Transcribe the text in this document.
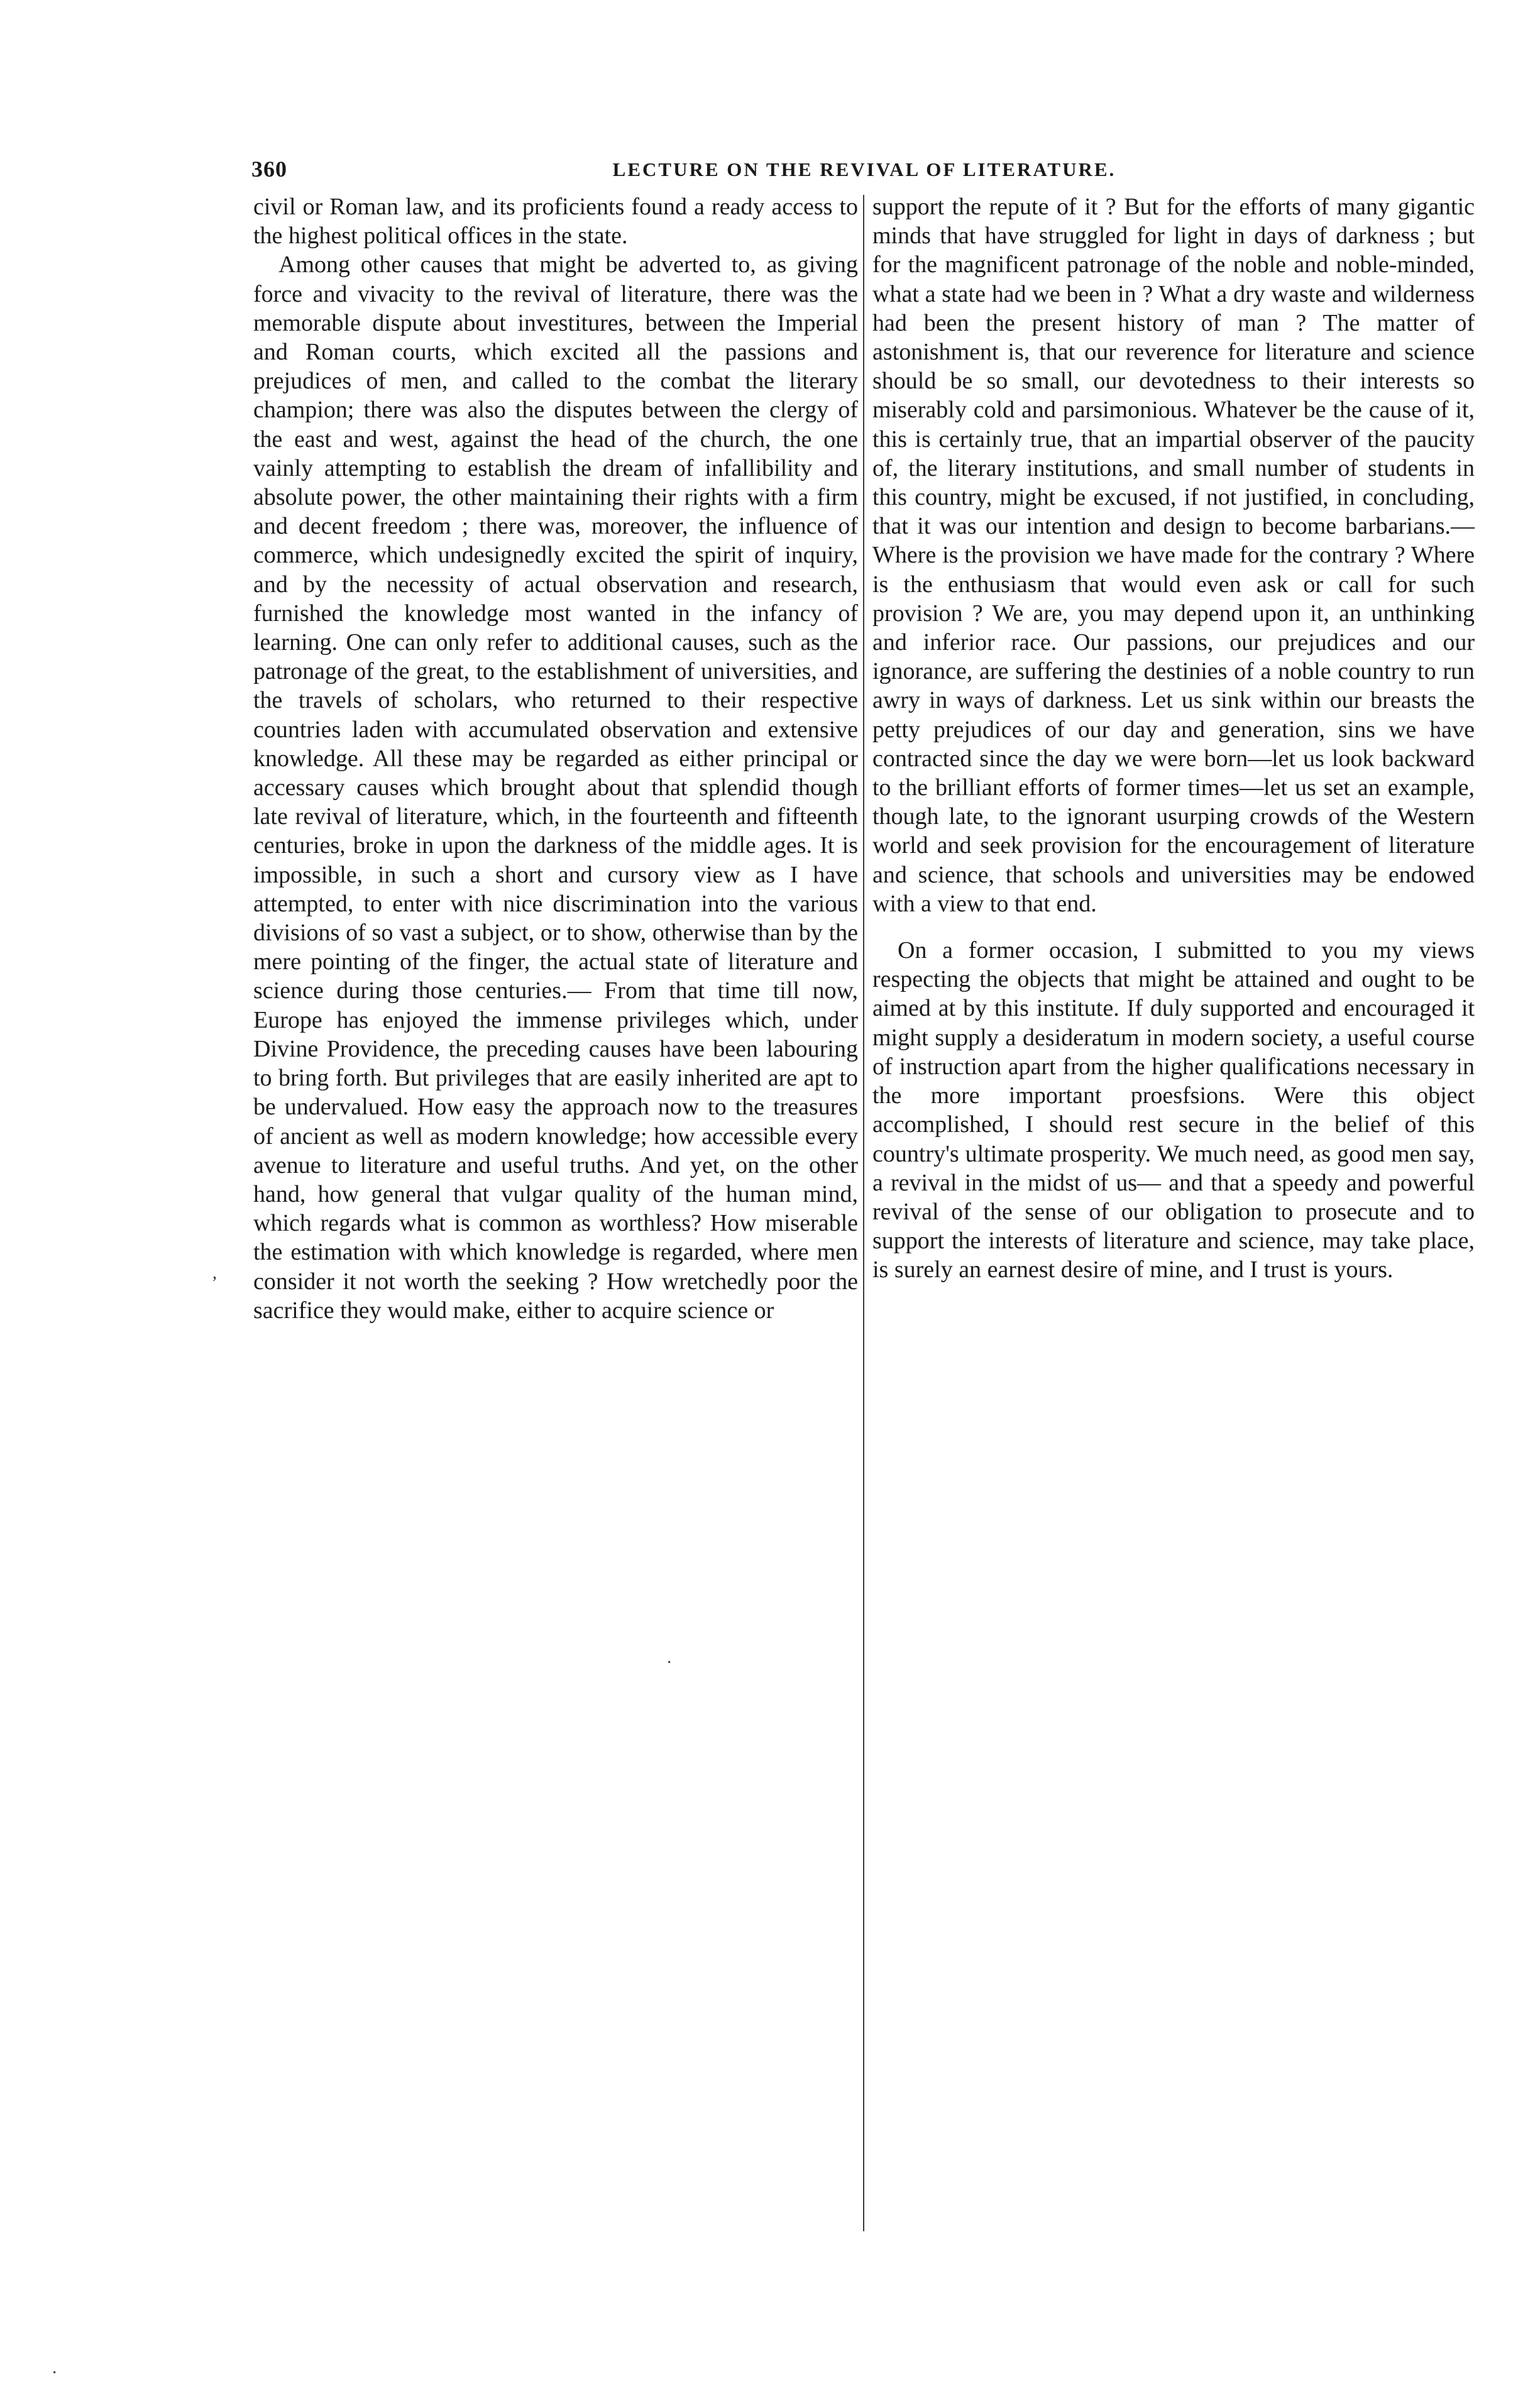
360	LECTURE ON THE REVIVAL OF LITERATURE.

civil or Roman law, and its proficients found a ready access to the highest political offices in the state.

Among other causes that might be adverted to, as giving force and vivacity to the revival of literature, there was the memorable dispute about investitures, between the Imperial and Roman courts, which excited all the passions and prejudices of men, and called to the combat the literary champion; there was also the disputes between the clergy of the east and west, against the head of the church, the one vainly attempting to establish the dream of infallibility and absolute power, the other maintaining their rights with a firm and decent freedom ; there was, moreover, the influence of commerce, which undesignedly excited the spirit of inquiry, and by the necessity of actual observation and research, furnished the knowledge most wanted in the infancy of learning. One can only refer to additional causes, such as the patronage of the great, to the establishment of universities, and the travels of scholars, who returned to their respective countries laden with accumulated observation and extensive knowledge. All these may be regarded as either principal or accessary causes which brought about that splendid though late revival of literature, which, in the fourteenth and fifteenth centuries, broke in upon the darkness of the middle ages. It is impossible, in such a short and cursory view as I have attempted, to enter with nice discrimination into the various divisions of so vast a subject, or to show, otherwise than by the mere pointing of the finger, the actual state of literature and science during those centuries.— From that time till now, Europe has enjoyed the immense privileges which, under Divine Providence, the preceding causes have been labouring to bring forth. But privileges that are easily inherited are apt to be undervalued. How easy the approach now to the treasures of ancient as well as modern knowledge; how accessible every avenue to literature and useful truths. And yet, on the other hand, how general that vulgar quality of the human mind, which regards what is common as worthless? How miserable the estimation with which knowledge is regarded, where men consider it not worth the seeking ? How wretchedly poor the sacrifice they would make, either to acquire science or

support the repute of it ? But for the efforts of many gigantic minds that have struggled for light in days of darkness ; but for the magnificent patronage of the noble and noble-minded, what a state had we been in ? What a dry waste and wilderness had been the present history of man ? The matter of astonishment is, that our reverence for literature and science should be so small, our devotedness to their interests so miserably cold and parsimonious. Whatever be the cause of it, this is certainly true, that an impartial observer of the paucity of, the literary institutions, and small number of students in this country, might be excused, if not justified, in concluding, that it was our intention and design to become barbarians.— Where is the provision we have made for the contrary ? Where is the enthusiasm that would even ask or call for such provision ? We are, you may depend upon it, an unthinking and inferior race. Our passions, our prejudices and our ignorance, are suffering the destinies of a noble country to run awry in ways of darkness. Let us sink within our breasts the petty prejudices of our day and generation, sins we have contracted since the day we were born—let us look backward to the brilliant efforts of former times—let us set an example, though late, to the ignorant usurping crowds of the Western world and seek provision for the encouragement of literature and science, that schools and universities may be endowed with a view to that end.

On a former occasion, I submitted to you my views respecting the objects that might be attained and ought to be aimed at by this institute. If duly supported and encouraged it might supply a desideratum in modern society, a useful course of instruction apart from the higher qualifications necessary in the more important proesfsions. Were this object accomplished, I should rest secure in the belief of this country's ultimate prosperity. We much need, as good men say, a revival in the midst of us— and that a speedy and powerful revival of the sense of our obligation to prosecute and to support the interests of literature and science, may take place, is surely an earnest desire of mine, and I trust is yours.

,
·
·
